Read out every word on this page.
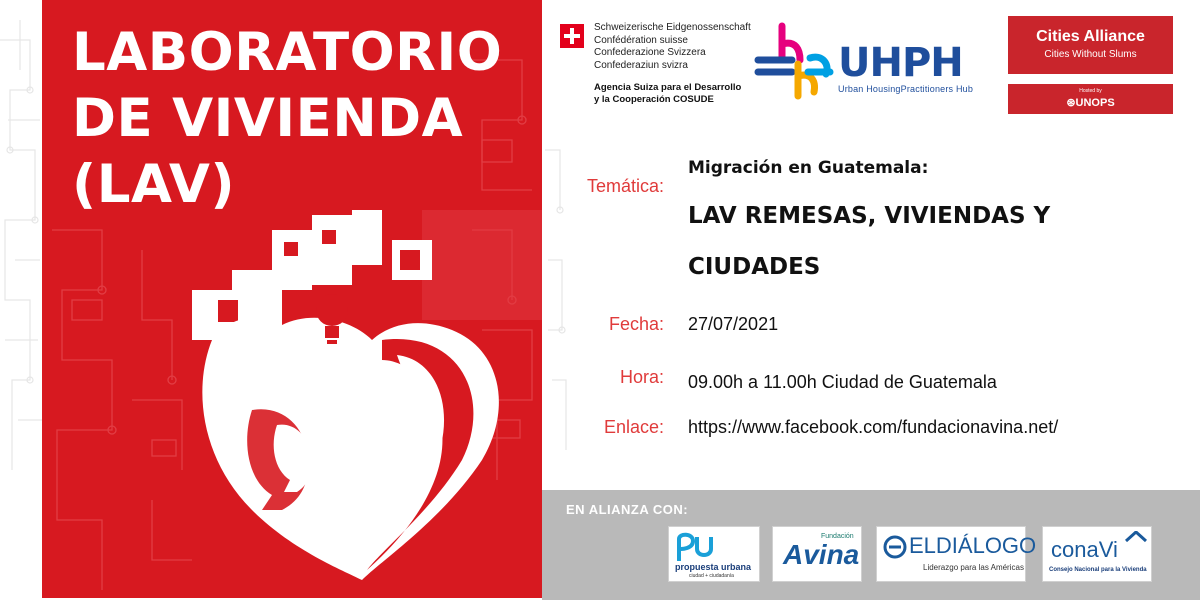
LABORATORIO
DE VIVIENDA
(LAV)
Schweizerische Eidgenossenschaft
Confédération suisse
Confederazione Svizzera
Confederaziun svizra
Agencia Suiza para el Desarrollo
y la Cooperación COSUDE
UHPH
Urban HousingPractitioners Hub
Cities Alliance
Cities Without Slums
Hosted by
⊛UNOPS
Temática:
Migración en Guatemala:
LAV REMESAS, VIVIENDAS Y
CIUDADES
Fecha: 27/07/2021
Hora: 09.00h a 11.00h Ciudad de Guatemala
Enlace: https://www.facebook.com/fundacionavina.net/
EN ALIANZA CON:
propuesta urbana
ciudad + ciudadanía
Fundación
Avina ELDIÁLOGO
Liderazgo para las Américas
conaVi
Consejo Nacional para la Vivienda
